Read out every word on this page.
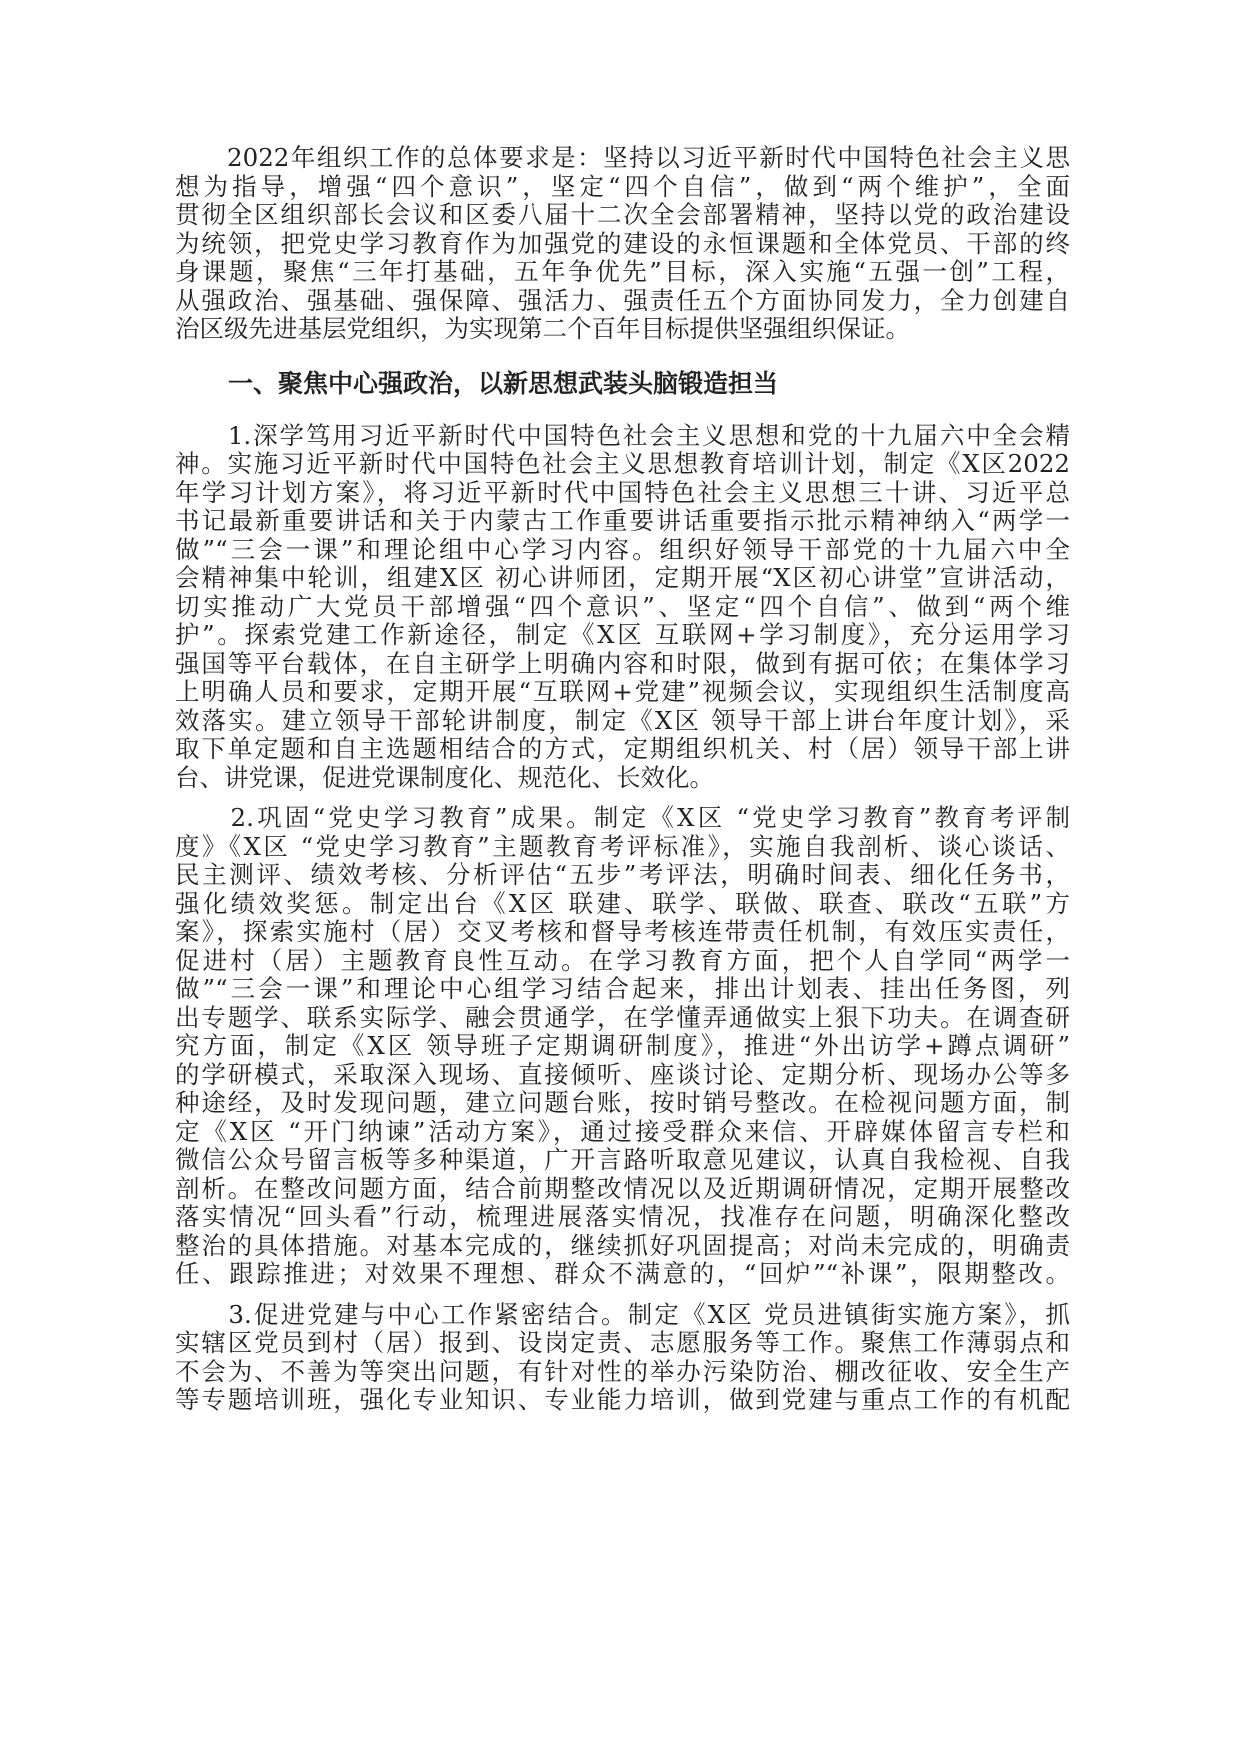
　　2022年组织工作的总体要求是：坚持以习近平新时代中国特色社会主义思
想为指导，增强“四个意识”，坚定“四个自信”，做到“两个维护”，全面
贯彻全区组织部长会议和区委八届十二次全会部署精神，坚持以党的政治建设
为统领，把党史学习教育作为加强党的建设的永恒课题和全体党员、干部的终
身课题，聚焦“三年打基础，五年争优先”目标，深入实施“五强一创”工程，
从强政治、强基础、强保障、强活力、强责任五个方面协同发力，全力创建自
治区级先进基层党组织，为实现第二个百年目标提供坚强组织保证。
一、聚焦中心强政治，以新思想武装头脑锻造担当
　　1.深学笃用习近平新时代中国特色社会主义思想和党的十九届六中全会精
神。实施习近平新时代中国特色社会主义思想教育培训计划，制定《X区2022
年学习计划方案》，将习近平新时代中国特色社会主义思想三十讲、习近平总
书记最新重要讲话和关于内蒙古工作重要讲话重要指示批示精神纳入“两学一
做”“三会一课”和理论组中心学习内容。组织好领导干部党的十九届六中全
会精神集中轮训，组建X区 初心讲师团，定期开展“X区初心讲堂”宣讲活动，
切实推动广大党员干部增强“四个意识”、坚定“四个自信”、做到“两个维
护”。探索党建工作新途径，制定《X区 互联网+学习制度》，充分运用学习
强国等平台载体，在自主研学上明确内容和时限，做到有据可依；在集体学习
上明确人员和要求，定期开展“互联网+党建”视频会议，实现组织生活制度高
效落实。建立领导干部轮讲制度，制定《X区 领导干部上讲台年度计划》，采
取下单定题和自主选题相结合的方式，定期组织机关、村（居）领导干部上讲
台、讲党课，促进党课制度化、规范化、长效化。
　　2.巩固“党史学习教育”成果。制定《X区 “党史学习教育”教育考评制
度》《X区 “党史学习教育”主题教育考评标准》，实施自我剖析、谈心谈话、
民主测评、绩效考核、分析评估“五步”考评法，明确时间表、细化任务书，
强化绩效奖惩。制定出台《X区 联建、联学、联做、联查、联改“五联”方
案》，探索实施村（居）交叉考核和督导考核连带责任机制，有效压实责任，
促进村（居）主题教育良性互动。在学习教育方面，把个人自学同“两学一
做”“三会一课”和理论中心组学习结合起来，排出计划表、挂出任务图，列
出专题学、联系实际学、融会贯通学，在学懂弄通做实上狠下功夫。在调查研
究方面，制定《X区 领导班子定期调研制度》，推进“外出访学+蹲点调研”
的学研模式，采取深入现场、直接倾听、座谈讨论、定期分析、现场办公等多
种途经，及时发现问题，建立问题台账，按时销号整改。在检视问题方面，制
定《X区 “开门纳谏”活动方案》，通过接受群众来信、开辟媒体留言专栏和
微信公众号留言板等多种渠道，广开言路听取意见建议，认真自我检视、自我
剖析。在整改问题方面，结合前期整改情况以及近期调研情况，定期开展整改
落实情况“回头看”行动，梳理进展落实情况，找准存在问题，明确深化整改
整治的具体措施。对基本完成的，继续抓好巩固提高；对尚未完成的，明确责
任、跟踪推进；对效果不理想、群众不满意的，“回炉”“补课”，限期整改。
　　3.促进党建与中心工作紧密结合。制定《X区 党员进镇街实施方案》，抓
实辖区党员到村（居）报到、设岗定责、志愿服务等工作。聚焦工作薄弱点和
不会为、不善为等突出问题，有针对性的举办污染防治、棚改征收、安全生产
等专题培训班，强化专业知识、专业能力培训，做到党建与重点工作的有机配
